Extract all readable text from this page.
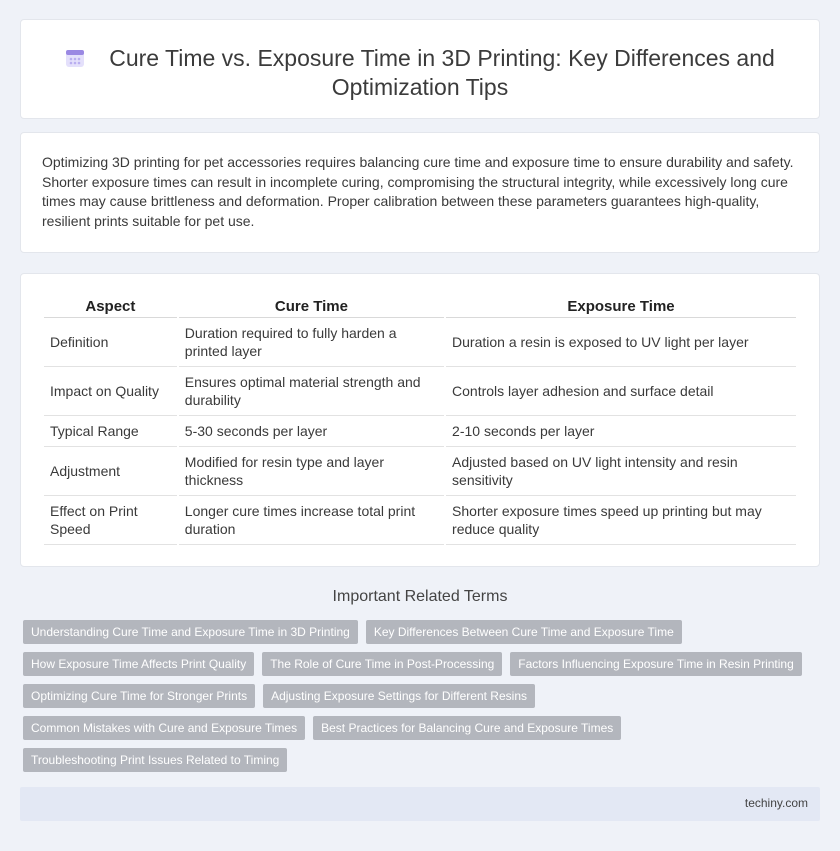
Cure Time vs. Exposure Time in 3D Printing: Key Differences and Optimization Tips

Optimizing 3D printing for pet accessories requires balancing cure time and exposure time to ensure durability and safety. Shorter exposure times can result in incomplete curing, compromising the structural integrity, while excessively long cure times may cause brittleness and deformation. Proper calibration between these parameters guarantees high-quality, resilient prints suitable for pet use.

Aspect	Cure Time	Exposure Time
Definition	Duration required to fully harden a printed layer	Duration a resin is exposed to UV light per layer
Impact on Quality	Ensures optimal material strength and durability	Controls layer adhesion and surface detail
Typical Range	5-30 seconds per layer	2-10 seconds per layer
Adjustment	Modified for resin type and layer thickness	Adjusted based on UV light intensity and resin sensitivity
Effect on Print Speed	Longer cure times increase total print duration	Shorter exposure times speed up printing but may reduce quality
Important Related Terms
Understanding Cure Time and Exposure Time in 3D Printing	Key Differences Between Cure Time and Exposure Time
How Exposure Time Affects Print Quality	The Role of Cure Time in Post-Processing	Factors Influencing Exposure Time in Resin Printing
Optimizing Cure Time for Stronger Prints	Adjusting Exposure Settings for Different Resins
Common Mistakes with Cure and Exposure Times	Best Practices for Balancing Cure and Exposure Times
Troubleshooting Print Issues Related to Timing
techiny.com
